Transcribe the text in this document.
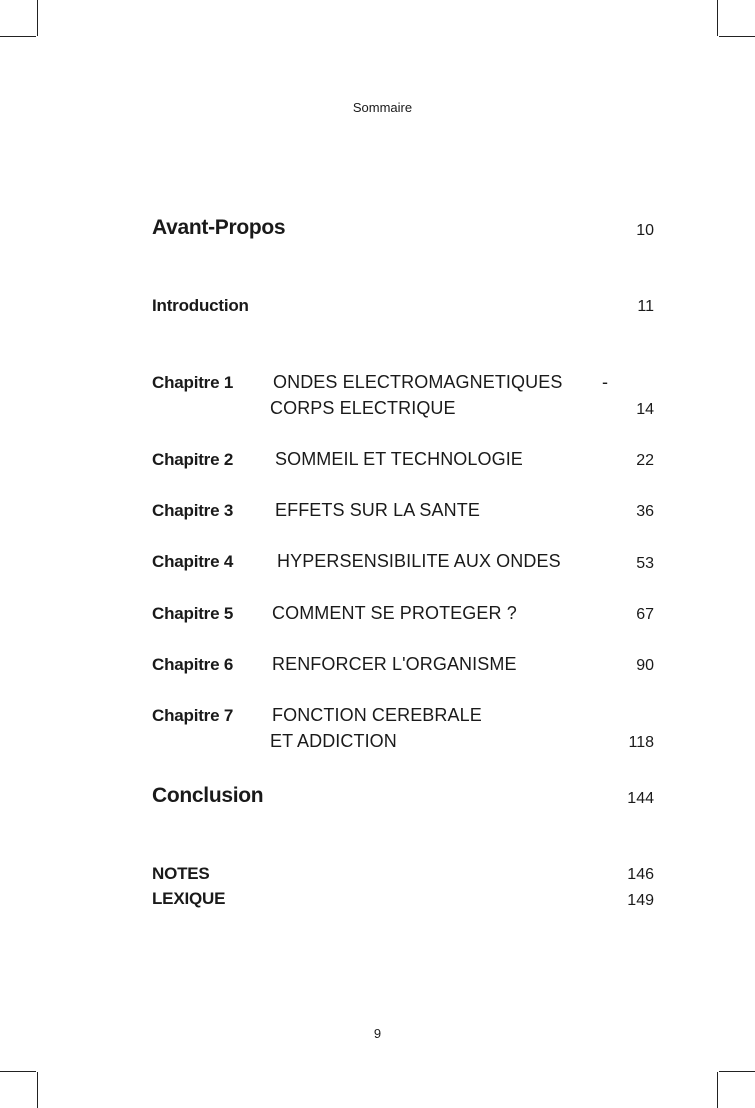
Sommaire
Avant-Propos	10
Introduction	11
Chapitre 1 ONDES ELECTROMAGNETIQUES -
CORPS ELECTRIQUE	14
Chapitre 2 SOMMEIL ET TECHNOLOGIE	22
Chapitre 3 EFFETS SUR LA SANTE	36
Chapitre 4 HYPERSENSIBILITE AUX ONDES	53
Chapitre 5 COMMENT SE PROTEGER ?	67
Chapitre 6 RENFORCER L'ORGANISME	90
Chapitre 7 FONCTION CEREBRALE
ET ADDICTION	118
Conclusion	144
NOTES	146
LEXIQUE	149
9
